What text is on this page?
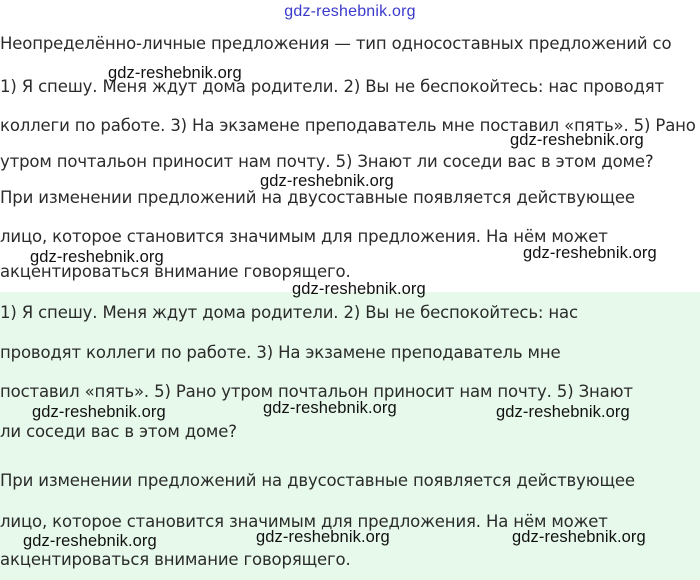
gdz-reshebnik.org
Неопределённо-личные предложения — тип односоставных предложений со
1) Я спешу. Меня ждут дома родители. 2) Вы не беспокойтесь: нас проводят
коллеги по работе. 3) На экзамене преподаватель мне поставил «пять». 5) Рано
утром почтальон приносит нам почту. 5) Знают ли соседи вас в этом доме?
При изменении предложений на двусоставные появляется действующее
лицо, которое становится значимым для предложения. На нём может
акцентироваться внимание говорящего.
1) Я спешу. Меня ждут дома родители. 2) Вы не беспокойтесь: нас
проводят коллеги по работе. 3) На экзамене преподаватель мне
поставил «пять». 5) Рано утром почтальон приносит нам почту. 5) Знают
ли соседи вас в этом доме?
При изменении предложений на двусоставные появляется действующее
лицо, которое становится значимым для предложения. На нём может
акцентироваться внимание говорящего.
gdz-reshebnik.org
gdz-reshebnik.org
gdz-reshebnik.org
gdz-reshebnik.org	gdz-reshebnik.org
gdz-reshebnik.org
gdz-reshebnik.org	gdz-reshebnik.org	gdz-reshebnik.org
gdz-reshebnik.org	gdz-reshebnik.org	gdz-reshebnik.org
